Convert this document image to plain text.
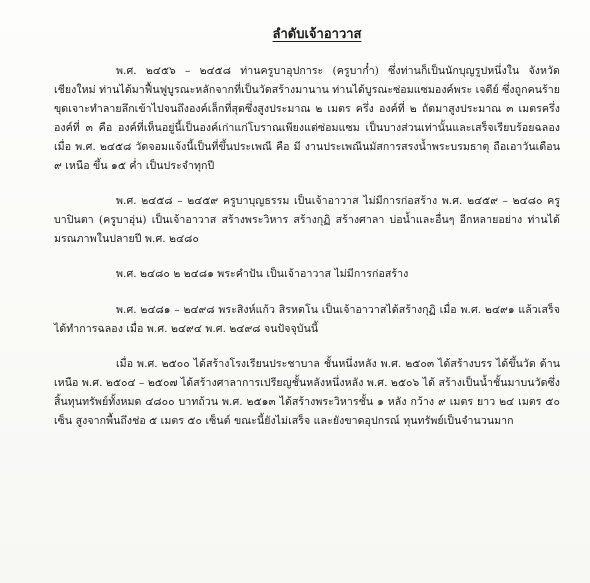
ลำดับเจ้าอาวาส

พ.ศ. ๒๔๕๖ – ๒๔๕๘ ท่านครูบาอุปการะ (ครูบาก๋ำ) ซึ่งท่านก็เป็นนักบุญรูปหนึ่งใน จังหวัดเชียงใหม่ ท่านได้มาฟื้นฟูบูรณะหลักจากที่เป็นวัดสร้างมานาน ท่านได้บูรณะซ่อมแซมองค์พระ เจดีย์ ซึ่งถูกคนร้ายขุดเจาะทำลายลึกเข้าไปจนถึงองค์เล็กที่สุดซึ่งสูงประมาณ ๒ เมตร ครึ่ง องค์ที่ ๒ ถัดมาสูงประมาณ ๓ เมตรครึ่ง องค์ที่ ๓ คือ องค์ที่เห็นอยู่นี้เป็นองค์เก่าแก่โบราณเพียงแต่ซ่อมแซม เป็นบางส่วนเท่านั้นและเสร็จเรียบร้อยฉลองเมื่อ พ.ศ. ๒๔๕๘ วัดจอมแจ้งนี้เป็นที่ขึ้นประเพณี คือ มี งานประเพณีนมัสการสรงน้ำพระบรมธาตุ ถือเอาวันเดือน ๙ เหนือ ขึ้น ๑๕ ค่ำ เป็นประจำทุกปี

พ.ศ. ๒๔๕๘ – ๒๔๕๙ ครูบาบุญธรรม เป็นเจ้าอาวาส ไม่มีการก่อสร้าง พ.ศ. ๒๔๕๙ – ๒๔๘๐ ครูบาปินตา (ครูบาอุ่น) เป็นเจ้าอาวาส สร้างพระวิหาร สร้างกุฏิ สร้างศาลา บ่อน้ำและอื่นๆ อีกหลายอย่าง ท่านได้มรณภาพในปลายปี พ.ศ. ๒๔๘๐

พ.ศ. ๒๔๘๐ ๒ ๒๔๘๑ พระคำปัน เป็นเจ้าอาวาส ไม่มีการก่อสร้าง

พ.ศ. ๒๔๘๑ – ๒๔๙๘ พระสิงห์แก้ว สิรหตโน เป็นเจ้าอาวาสได้สร้างกุฏิ เมื่อ พ.ศ. ๒๔๙๑ แล้วเสร็จ ได้ทำการฉลอง เมื่อ พ.ศ. ๒๔๙๔ พ.ศ. ๒๔๙๘ จนปัจจุบันนี้

เมื่อ พ.ศ. ๒๕๐๐ ได้สร้างโรงเรียนประชาบาล ชั้นหนึ่งหลัง พ.ศ. ๒๕๐๓ ได้สร้างบรร ได้ขึ้นวัด ด้านเหนือ พ.ศ. ๒๕๐๔ – ๒๕๐๗ ได้สร้างศาลาการเปรียญชั้นหลังหนึ่งหลัง พ.ศ. ๒๕๐๖ ได้ สร้างเป็นน้ำชั้นมาบนวัดซึ่งสิ้นทุนทรัพย์ทั้งหมด ๔๘๐๐ บาทถ้วน พ.ศ. ๒๕๑๓ ได้สร้างพระวิหารชั้น ๑ หลัง กว้าง ๙ เมตร ยาว ๒๔ เมตร ๕๐ เซ็น สูงจากพื้นถึงช่อ ๕ เมตร ๕๐ เซ็นต์ ขณะนี้ยังไม่เสร็จ และยังขาดอุปกรณ์ ทุนทรัพย์เป็นจำนวนมาก
